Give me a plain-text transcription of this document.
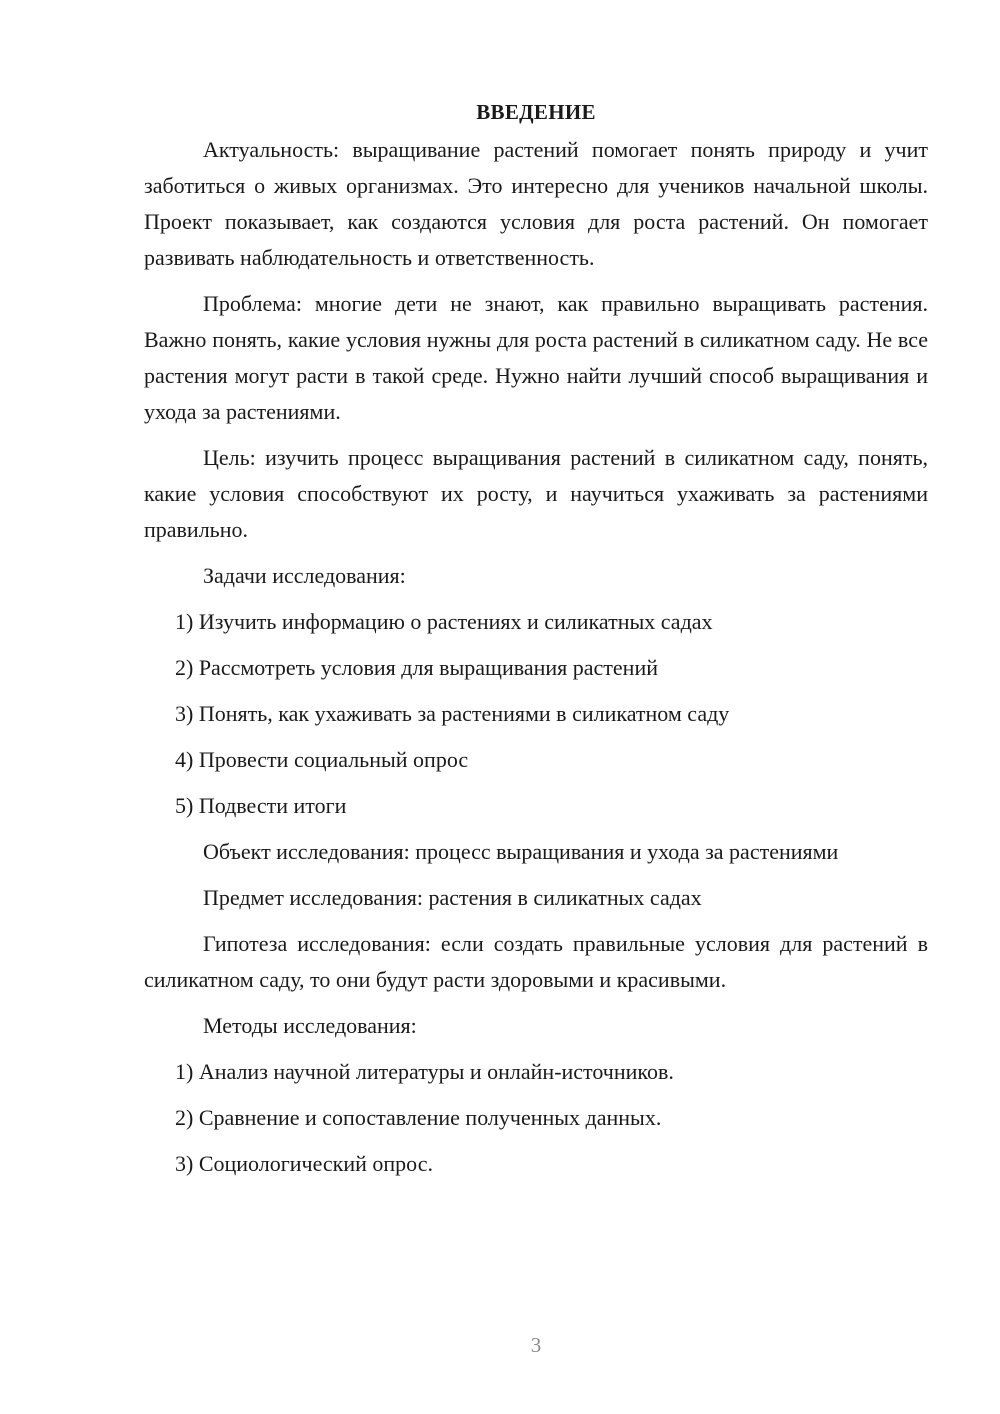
ВВЕДЕНИЕ

Актуальность: выращивание растений помогает понять природу и учит заботиться о живых организмах. Это интересно для учеников начальной школы. Проект показывает, как создаются условия для роста растений. Он помогает развивать наблюдательность и ответственность.

Проблема: многие дети не знают, как правильно выращивать растения. Важно понять, какие условия нужны для роста растений в силикатном саду. Не все растения могут расти в такой среде. Нужно найти лучший способ выращивания и ухода за растениями.

Цель: изучить процесс выращивания растений в силикатном саду, понять, какие условия способствуют их росту, и научиться ухаживать за растениями правильно.

Задачи исследования:
1) Изучить информацию о растениях и силикатных садах
2) Рассмотреть условия для выращивания растений
3) Понять, как ухаживать за растениями в силикатном саду
4) Провести социальный опрос
5) Подвести итоги
Объект исследования: процесс выращивания и ухода за растениями
Предмет исследования: растения в силикатных садах

Гипотеза исследования: если создать правильные условия для растений в силикатном саду, то они будут расти здоровыми и красивыми.

Методы исследования:
1) Анализ научной литературы и онлайн-источников.
2) Сравнение и сопоставление полученных данных.
3) Социологический опрос.
3
